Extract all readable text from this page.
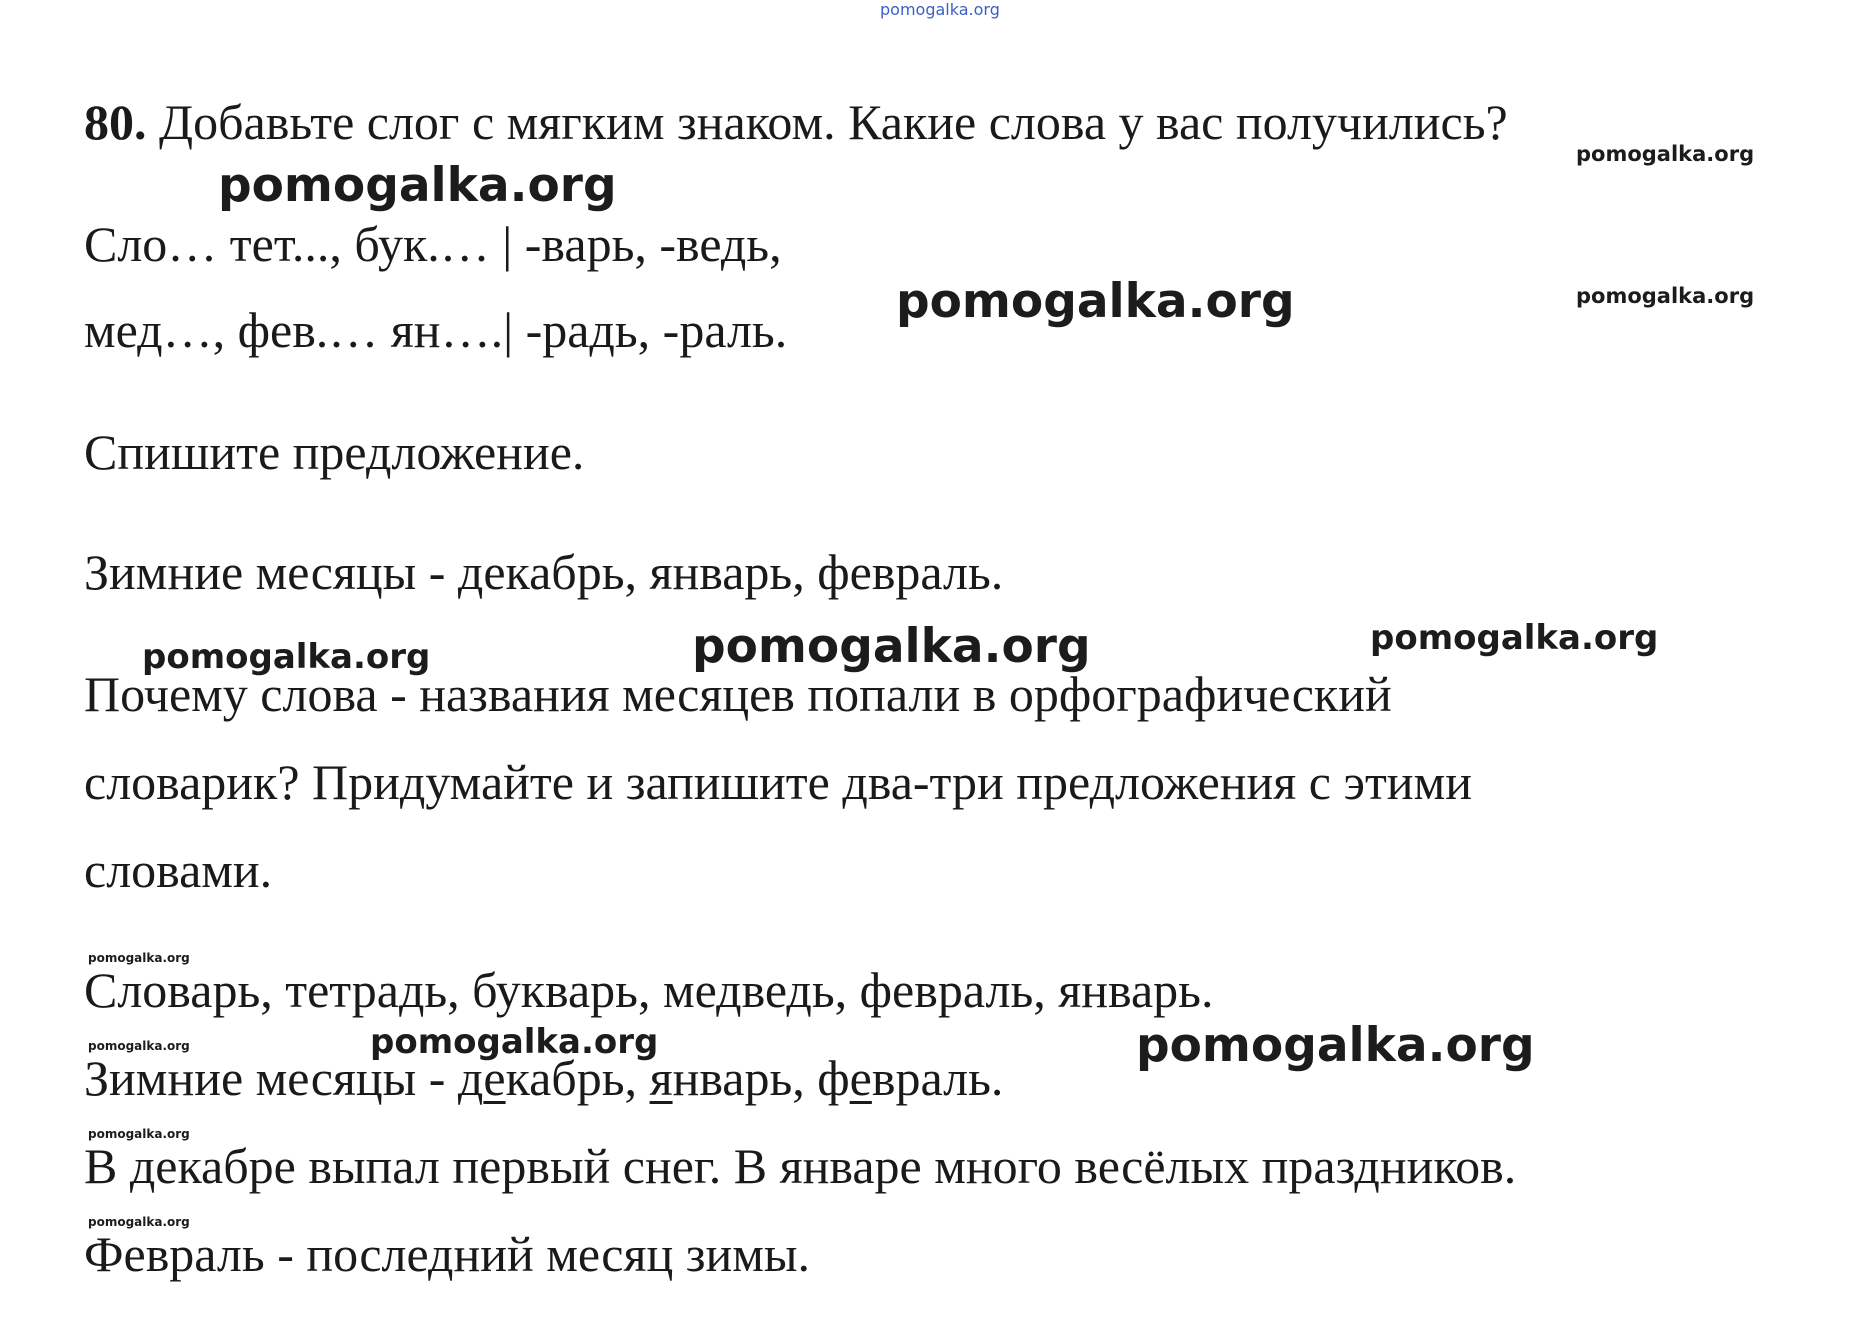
pomogalka.org
pomogalka.org
pomogalka.org
pomogalka.org	pomogalka.org
pomogalka.org	pomogalka.org	pomogalka.org
pomogalka.org
pomogalka.org	pomogalka.org	pomogalka.org
pomogalka.org
pomogalka.org
80. Добавьте слог с мягким знаком. Какие слова у вас получились?

Сло… тет..., бук.… | -варь, -ведь,

мед…, фев.… ян….| -радь, -раль.

Спишите предложение.

Зимние месяцы - декабрь, январь, февраль.

Почему слова - названия месяцев попали в орфографический

словарик? Придумайте и запишите два-три предложения с этими

словами.

Словарь, тетрадь, букварь, медведь, февраль, январь.

Зимние месяцы - декабрь, январь, февраль.

В декабре выпал первый снег. В январе много весёлых праздников.

Февраль - последний месяц зимы.
